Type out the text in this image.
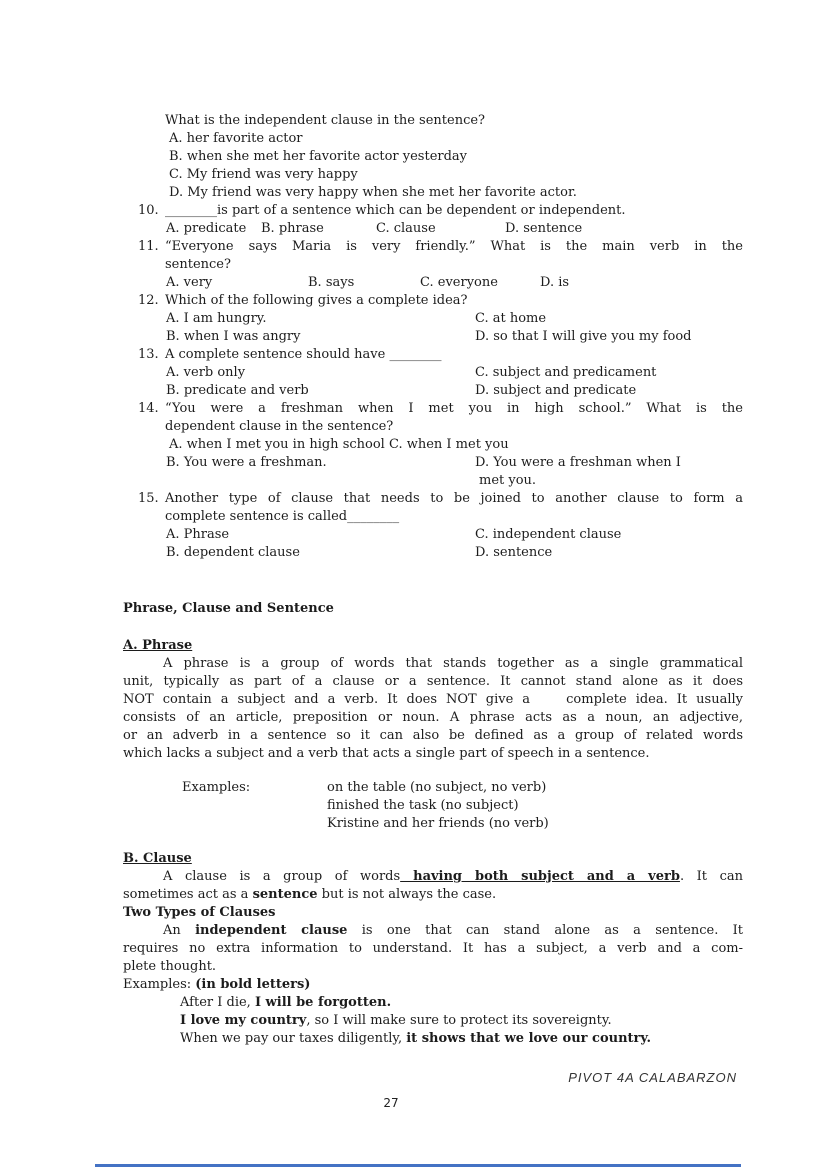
What is the independent clause in the sentence?
A. her favorite actor
B. when she met her favorite actor yesterday
C. My friend was very happy
D. My friend was very happy when she met her favorite actor.
10. ________is part of a sentence which can be dependent or independent.
A. predicate B. phrase	C. clause	D. sentence
11. “Everyone says Maria is very friendly.” What is the main verb in the
sentence?
A. very	B. says	C. everyone	D. is
12. Which of the following gives a complete idea?
A. I am hungry.	C. at home
B. when I was angry	D. so that I will give you my food
13. A complete sentence should have ________
A. verb only	C. subject and predicament
B. predicate and verb	D. subject and predicate
14. “You were a freshman when I met you in high school.” What is the
dependent clause in the sentence?
A. when I met you in high school C. when I met you
B. You were a freshman.	D. You were a freshman when I
met you.
15. Another type of clause that needs to be joined to another clause to form a
complete sentence is called________
A. Phrase	C. independent clause
B. dependent clause	D. sentence
Phrase, Clause and Sentence
A. Phrase
A phrase is a group of words that stands together as a single grammatical
unit, typically as part of a clause or a sentence. It cannot stand alone as it does
NOT contain a subject and a verb. It does NOT give a    complete idea. It usually
consists of an article, preposition or noun. A phrase acts as a noun, an adjective,
or an adverb in a sentence so it can also be defined as a group of related words
which lacks a subject and a verb that acts a single part of speech in a sentence.
Examples:	on the table (no subject, no verb)
finished the task (no subject)
Kristine and her friends (no verb)
B. Clause
A clause is a group of words having both subject and a verb. It can
sometimes act as a sentence but is not always the case.
Two Types of Clauses
An independent clause is one that can stand alone as a sentence. It
requires no extra information to understand. It has a subject, a verb and a com-
plete thought.
Examples: (in bold letters)
After I die, I will be forgotten.
I love my country, so I will make sure to protect its sovereignty.
When we pay our taxes diligently, it shows that we love our country.
PIVOT 4A CALABARZON
27
